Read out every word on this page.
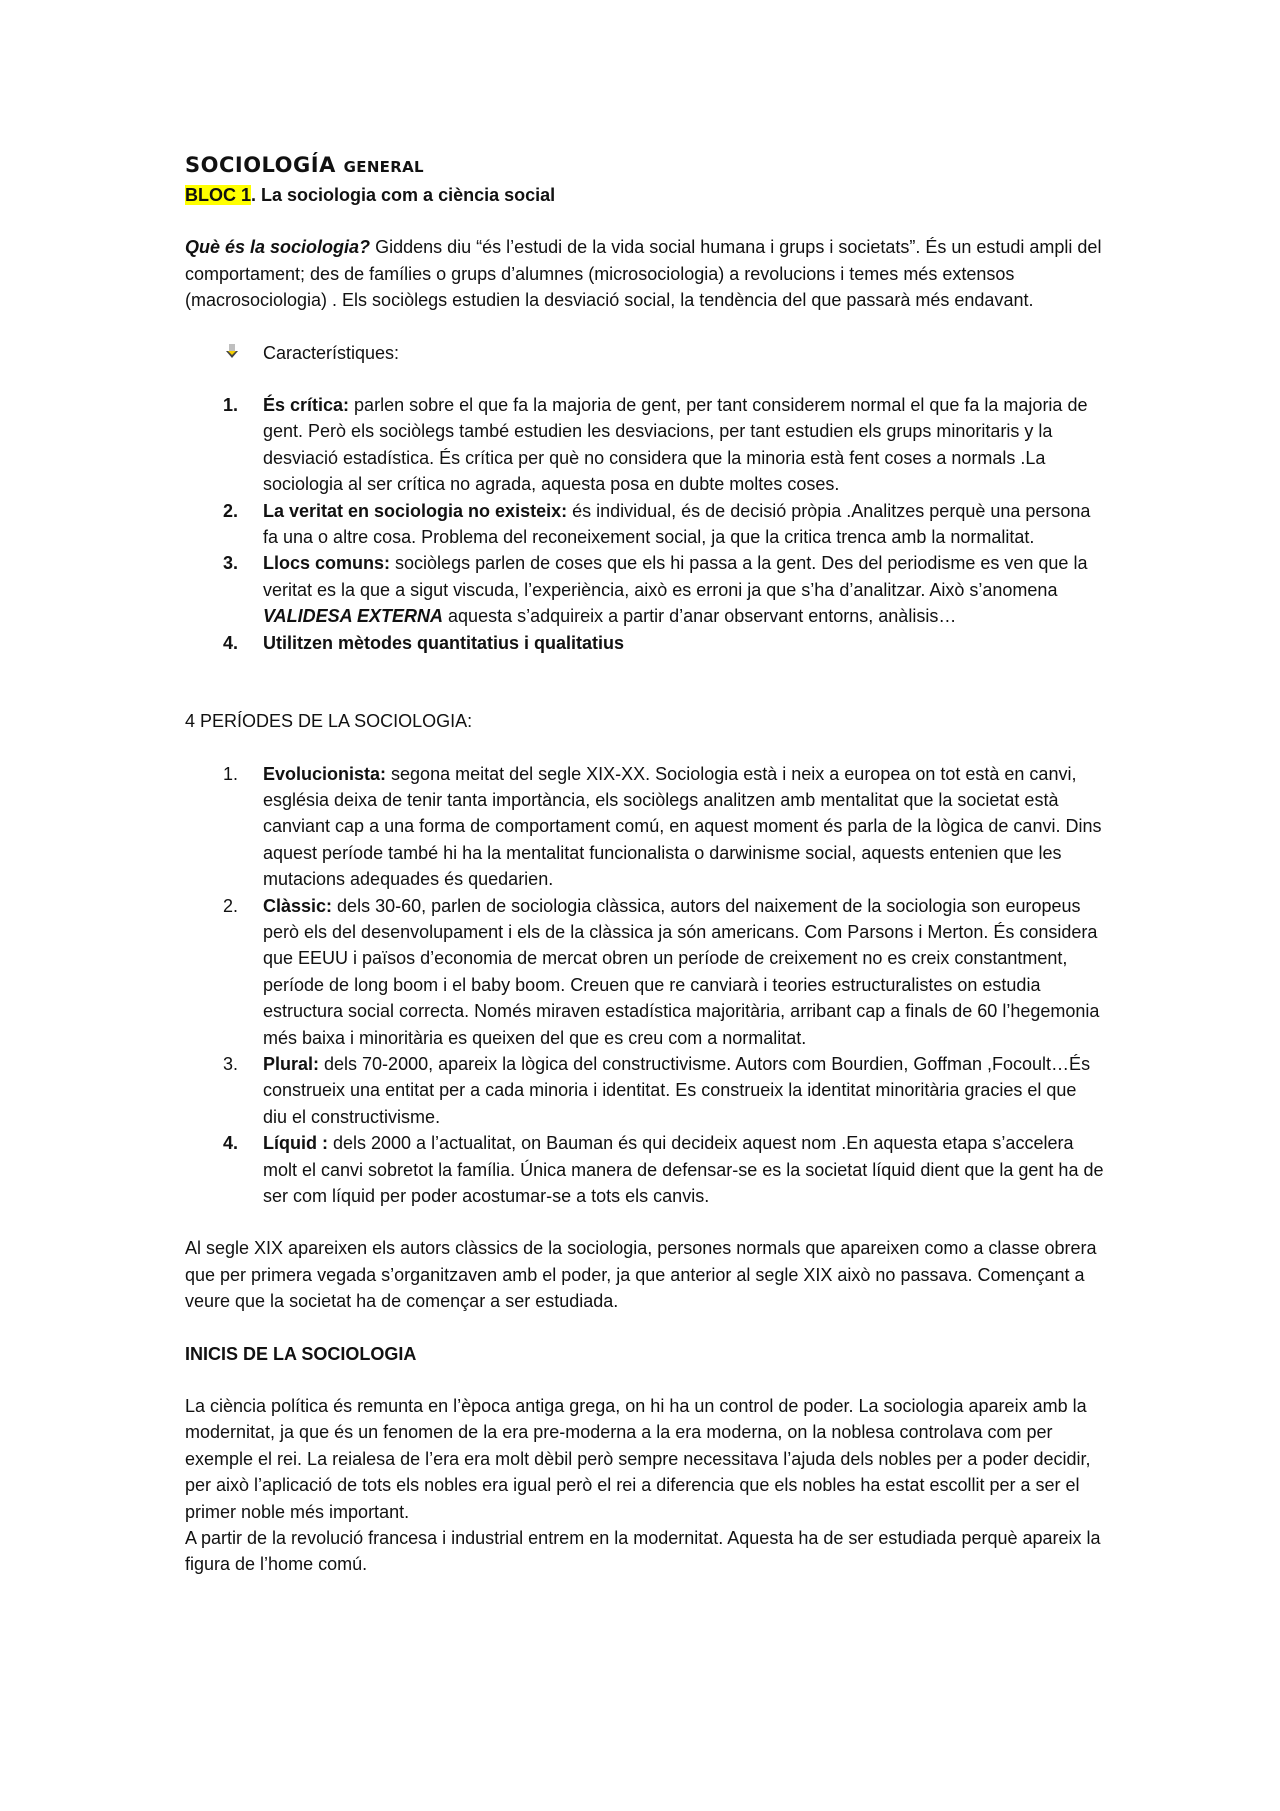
SOCIOLOGÍA GENERAL

BLOC 1. La sociologia com a ciència social

Què és la sociologia? Giddens diu “és l’estudi de la vida social humana i grups i societats”. És un estudi ampli del comportament; des de famílies o grups d’alumnes (microsociologia) a revolucions i temes més extensos (macrosociologia) . Els sociòlegs estudien la desviació social, la tendència del que passarà més endavant.

Característiques:
1. És crítica: parlen sobre el que fa la majoria de gent, per tant considerem normal el que fa la majoria de gent. Però els sociòlegs també estudien les desviacions, per tant estudien els grups minoritaris y la desviació estadística. És crítica per què no considera que la minoria està fent coses a normals .La sociologia al ser crítica no agrada, aquesta posa en dubte moltes coses.
2. La veritat en sociologia no existeix: és individual, és de decisió pròpia .Analitzes perquè una persona fa una o altre cosa. Problema del reconeixement social, ja que la critica trenca amb la normalitat.
3. Llocs comuns: sociòlegs parlen de coses que els hi passa a la gent. Des del periodisme es ven que la veritat es la que a sigut viscuda, l’experiència, això es erroni ja que s’ha d’analitzar. Això s’anomena VALIDESA EXTERNA aquesta s’adquireix a partir d’anar observant entorns, anàlisis…
4. Utilitzen mètodes quantitatius i qualitatius

4 PERÍODES DE LA SOCIOLOGIA:

1. Evolucionista: segona meitat del segle XIX-XX. Sociologia està i neix a europea on tot està en canvi, església deixa de tenir tanta importància, els sociòlegs analitzen amb mentalitat que la societat està canviant cap a una forma de comportament comú, en aquest moment és parla de la lògica de canvi. Dins aquest període també hi ha la mentalitat funcionalista o darwinisme social, aquests entenien que les mutacions adequades és quedarien.
2. Clàssic: dels 30-60, parlen de sociologia clàssica, autors del naixement de la sociologia son europeus però els del desenvolupament i els de la clàssica ja són americans. Com Parsons i Merton. És considera que EEUU i països d’economia de mercat obren un període de creixement no es creix constantment, període de long boom i el baby boom. Creuen que re canviarà i teories estructuralistes on estudia estructura social correcta. Només miraven estadística majoritària, arribant cap a finals de 60 l’hegemonia més baixa i minoritària es queixen del que es creu com a normalitat.
3. Plural: dels 70-2000, apareix la lògica del constructivisme. Autors com Bourdien, Goffman ,Focoult…És construeix una entitat per a cada minoria i identitat. Es construeix la identitat minoritària gracies el que diu el constructivisme.
4. Líquid : dels 2000 a l’actualitat, on Bauman és qui decideix aquest nom .En aquesta etapa s’accelera molt el canvi sobretot la família. Única manera de defensar-se es la societat líquid dient que la gent ha de ser com líquid per poder acostumar-se a tots els canvis.

Al segle XIX apareixen els autors clàssics de la sociologia, persones normals que apareixen como a classe obrera que per primera vegada s’organitzaven amb el poder, ja que anterior al segle XIX això no passava. Començant a veure que la societat ha de començar a ser estudiada.

INICIS DE LA SOCIOLOGIA

La ciència política és remunta en l’època antiga grega, on hi ha un control de poder. La sociologia apareix amb la modernitat, ja que és un fenomen de la era pre-moderna a la era moderna, on la noblesa controlava com per exemple el rei. La reialesa de l’era era molt dèbil però sempre necessitava l’ajuda dels nobles per a poder decidir, per això l’aplicació de tots els nobles era igual però el rei a diferencia que els nobles ha estat escollit per a ser el primer noble més important.

A partir de la revolució francesa i industrial entrem en la modernitat. Aquesta ha de ser estudiada perquè apareix la figura de l’home comú.
